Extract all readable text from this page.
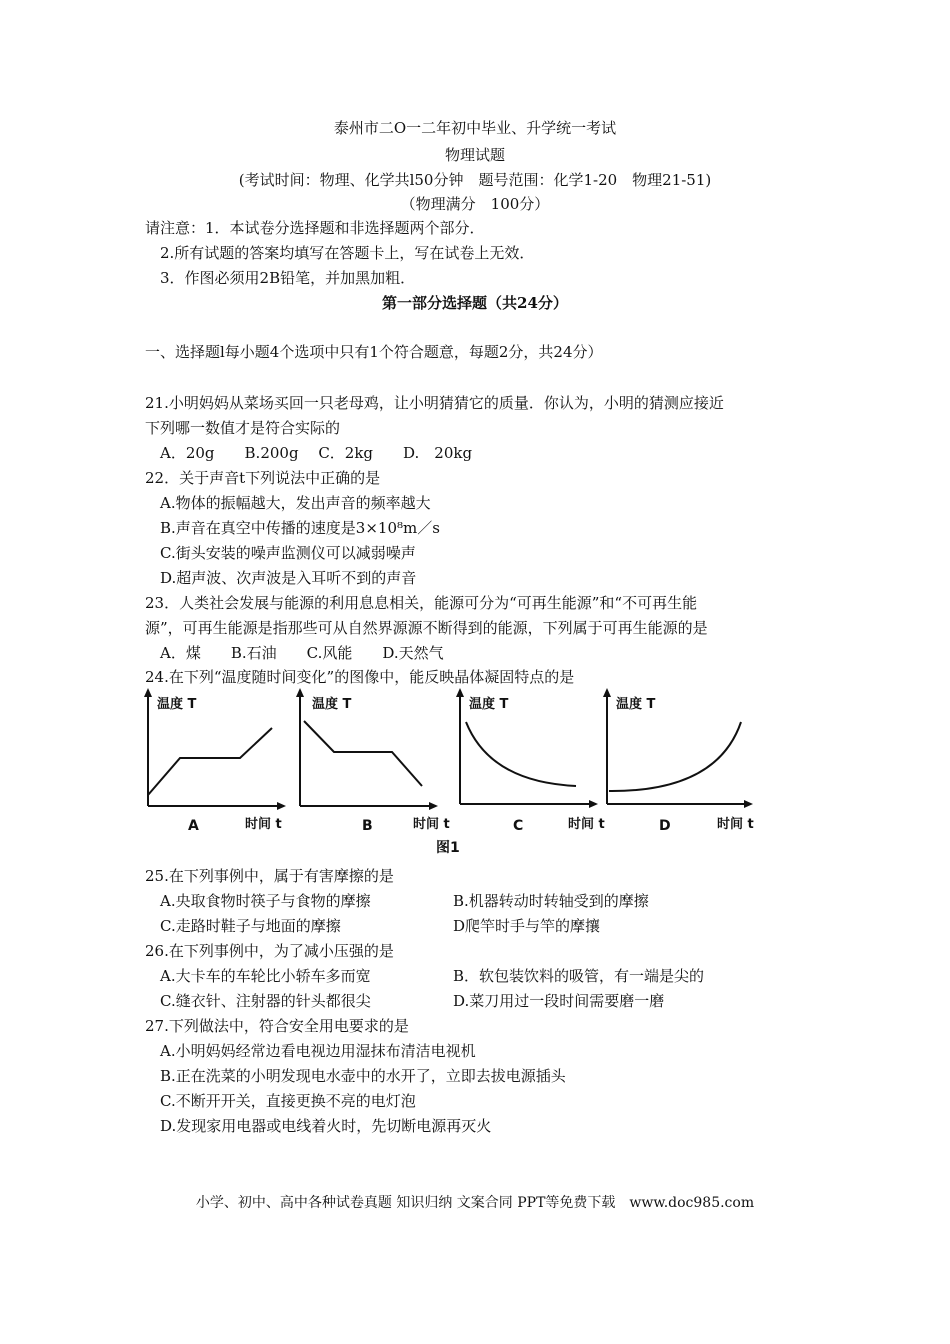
泰州市二O一二年初中毕业、升学统一考试
物理试题
(考试时间：物理、化学共l50分钟　题号范围：化学1-20　物理21-51)
（物理满分　100分）
请注意：1．本试卷分选择题和非选择题两个部分．
2.所有试题的答案均填写在答题卡上，写在试卷上无效．
3．作图必须用2B铅笔，并加黑加粗．
第一部分选择题（共24分）
一、选择题l每小题4个选项中只有1个符合题意，每题2分，共24分）
21.小明妈妈从菜场买回一只老母鸡，让小明猜猜它的质量．你认为，小明的猜测应接近
下列哪一数值才是符合实际的
A．20g　　B.200g　 C．2kg　　D.　20kg
22．关于声音t下列说法中正确的是
A.物体的振幅越大，发出声音的频率越大
B.声音在真空中传播的速度是3×10⁸m／s
C.街头安装的噪声监测仪可以减弱噪声
D.超声波、次声波是入耳听不到的声音
23．人类社会发展与能源的利用息息相关，能源可分为“可再生能源”和“不可再生能
源”，可再生能源是指那些可从自然界源源不断得到的能源，下列属于可再生能源的是
A．煤　　B.石油　　C.风能　　D.天然气
24.在下列“温度随时间变化”的图像中，能反映晶体凝固特点的是
温度 T
时间 t
A
温度 T
时间 t
B
温度 T
时间 t
C
温度 T
时间 t
D
图1
25.在下列事例中，属于有害摩擦的是
A.央取食物时筷子与食物的摩擦	B.机器转动时转轴受到的摩擦
C.走路时鞋子与地面的摩擦	D爬竿时手与竿的摩攘
26.在下列事例中，为了减小压强的是
A.大卡车的车轮比小轿车多而宽	B．软包装饮料的吸管，有一端是尖的
C.缝衣针、注射器的针头都很尖	D.菜刀用过一段时间需要磨一磨
27.下列做法中，符合安全用电要求的是
A.小明妈妈经常边看电视边用湿抹布清洁电视机
B.正在洗菜的小明发现电水壶中的水开了，立即去拔电源插头
C.不断开开关，直接更换不亮的电灯泡
D.发现家用电器或电线着火时，先切断电源再灭火
小学、初中、高中各种试卷真题 知识归纳 文案合同 PPT等免费下载　www.doc985.com
